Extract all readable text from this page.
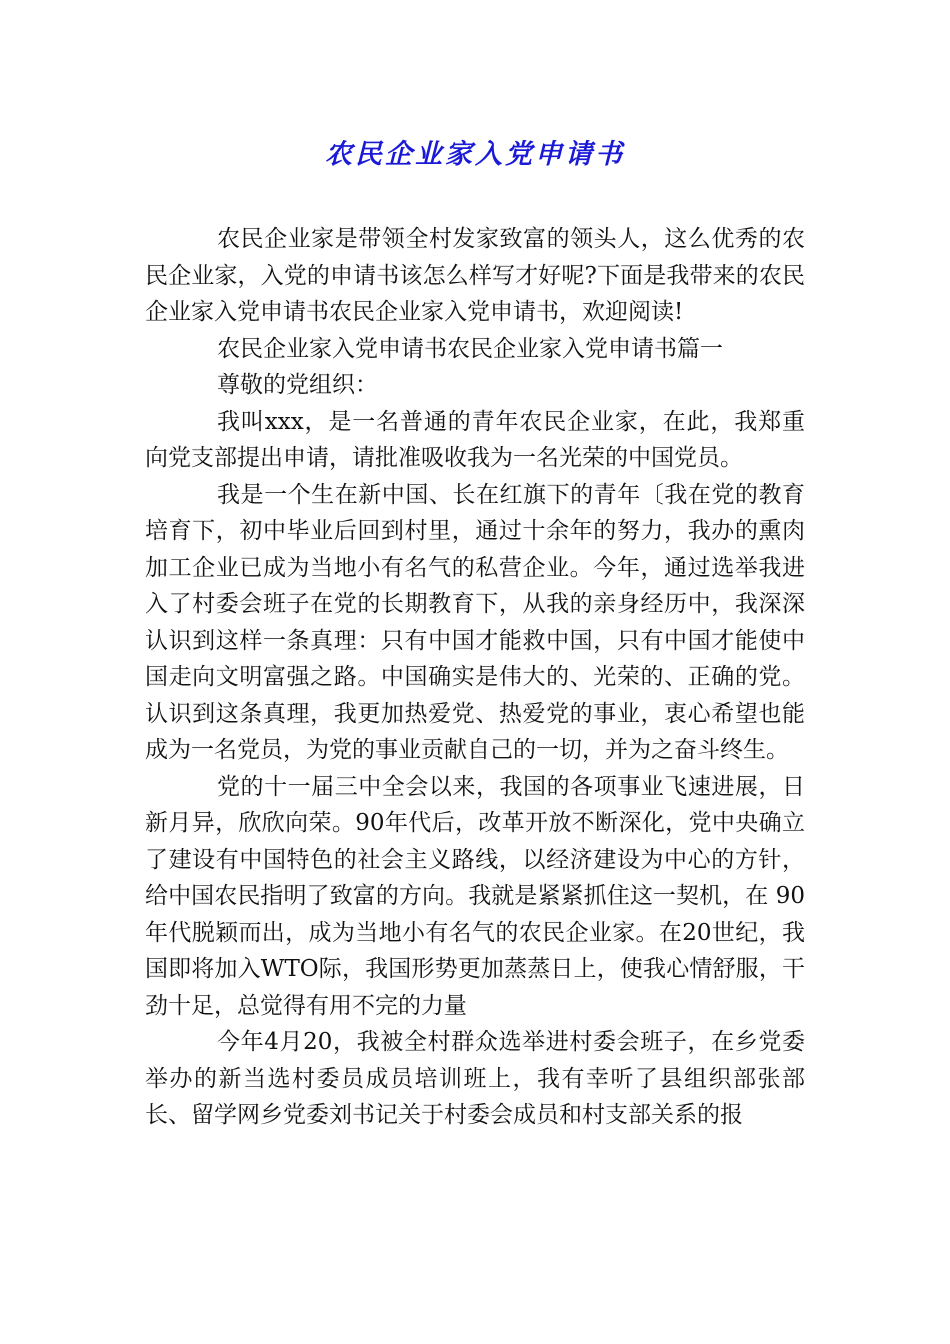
农民企业家入党申请书

农民企业家是带领全村发家致富的领头人，这么优秀的农民企业家，入党的申请书该怎么样写才好呢?下面是我带来的农民企业家入党申请书农民企业家入党申请书，欢迎阅读!

农民企业家入党申请书农民企业家入党申请书篇一

尊敬的党组织：

我叫xxx，是一名普通的青年农民企业家，在此，我郑重向党支部提出申请，请批准吸收我为一名光荣的中国党员。

我是一个生在新中国、长在红旗下的青年〔我在党的教育培育下，初中毕业后回到村里，通过十余年的努力，我办的熏肉加工企业已成为当地小有名气的私营企业。今年，通过选举我进入了村委会班子在党的长期教育下，从我的亲身经历中，我深深认识到这样一条真理：只有中国才能救中国，只有中国才能使中国走向文明富强之路。中国确实是伟大的、光荣的、正确的党。认识到这条真理，我更加热爱党、热爱党的事业，衷心希望也能成为一名党员，为党的事业贡献自己的一切，并为之奋斗终生。

党的十一届三中全会以来，我国的各项事业飞速进展，日新月异，欣欣向荣。90年代后，改革开放不断深化，党中央确立了建设有中国特色的社会主义路线，以经济建设为中心的方针，给中国农民指明了致富的方向。我就是紧紧抓住这一契机，在 90年代脱颖而出，成为当地小有名气的农民企业家。在20世纪，我国即将加入WTO际，我国形势更加蒸蒸日上，使我心情舒服，干劲十足，总觉得有用不完的力量

今年4月20，我被全村群众选举进村委会班子，在乡党委举办的新当选村委员成员培训班上，我有幸听了县组织部张部长、留学网乡党委刘书记关于村委会成员和村支部关系的报
